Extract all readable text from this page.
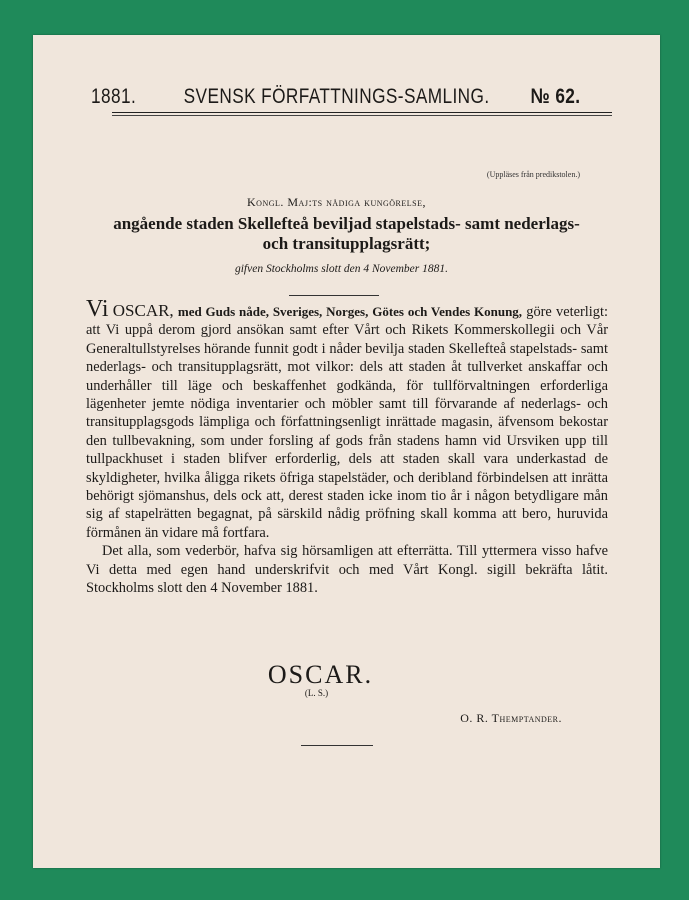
1881. SVENSK FÖRFATTNINGS-SAMLING. № 62.
(Uppläses från predikstolen.)
Kongl. Maj:ts nådiga kungörelse,
angående staden Skellefteå beviljad stapelstads- samt nederlags-
och transitupplagsrätt;
gifven Stockholms slott den 4 November 1881.

Vi OSCAR, med Guds nåde, Sveriges, Norges, Götes och Vendes Konung, göre veterligt: att Vi uppå derom gjord ansökan samt efter Vårt och Rikets Kommerskollegii och Vår Generaltullstyrelses hörande funnit godt i nåder bevilja staden Skellefteå stapelstads- samt nederlags- och transitupplagsrätt, mot vilkor: dels att staden åt tullverket anskaffar och underhåller till läge och beskaffenhet godkända, för tullförvaltningen erforderliga lägenheter jemte nödiga inventarier och möbler samt till förvarande af nederlags- och transitupplagsgods lämpliga och författningsenligt inrättade magasin, äfvensom bekostar den tullbevakning, som under forsling af gods från stadens hamn vid Ursviken upp till tullpackhuset i staden blifver erforderlig, dels att staden skall vara underkastad de skyldigheter, hvilka åligga rikets öfriga stapelstäder, och deribland förbindelsen att inrätta behörigt sjömanshus, dels ock att, derest staden icke inom tio år i någon betydligare mån sig af stapelrätten begagnat, på särskild nådig pröfning skall komma att bero, huruvida förmånen än vidare må fortfara.

Det alla, som vederbör, hafva sig hörsamligen att efterrätta. Till yttermera visso hafve Vi detta med egen hand underskrifvit och med Vårt Kongl. sigill bekräfta låtit. Stockholms slott den 4 November 1881.

OSCAR.
(L. S.)
O. R. Themptander.
